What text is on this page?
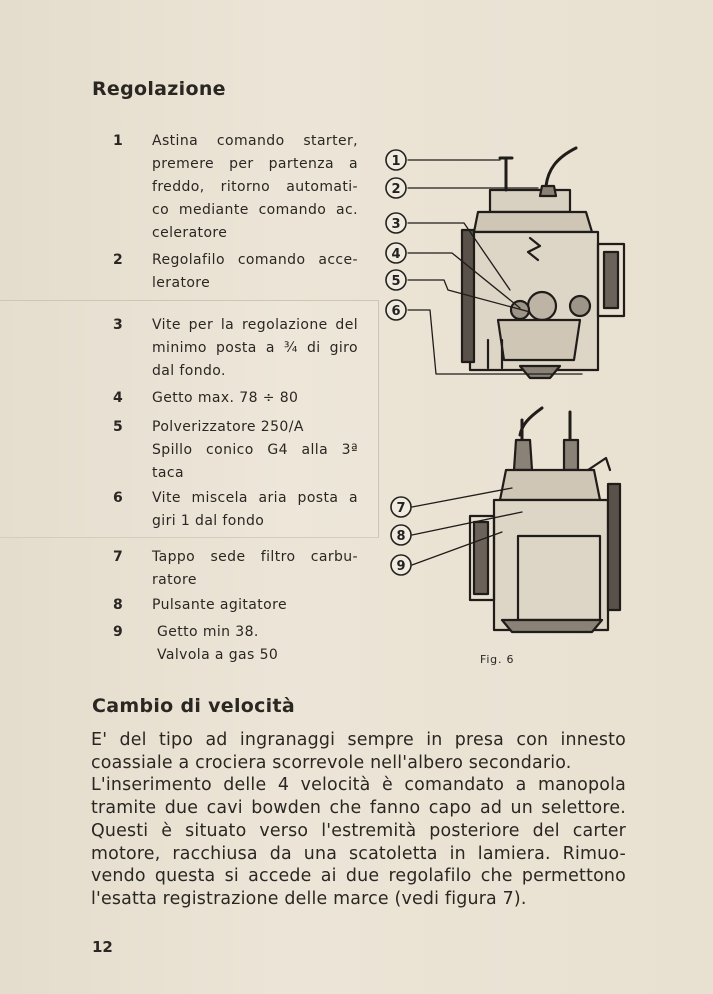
Regolazione
1	Astina comando starter,
premere per partenza a
freddo, ritorno automati-
co mediante comando ac.
celeratore
2	Regolafilo comando acce-
leratore
3	Vite per la regolazione del
minimo posta a ¾ di giro
dal fondo.
4	Getto max. 78 ÷ 80
5	Polverizzatore 250/A
Spillo conico G4 alla 3ª
taca
6	Vite miscela aria posta a
giri 1 dal fondo
7	Tappo sede filtro carbu-
ratore
8	Pulsante agitatore
9	Getto min 38.
Valvola a gas 50
1
2
3
4
5
6
7
8
9
Fig. 6
Cambio di velocità
E' del tipo ad ingranaggi sempre in presa con innesto
coassiale a crociera scorrevole nell'albero secondario.
L'inserimento delle 4 velocità è comandato a manopola
tramite due cavi bowden che fanno capo ad un selettore.
Questi è situato verso l'estremità posteriore del carter
motore, racchiusa da una scatoletta in lamiera. Rimuo-
vendo questa si accede ai due regolafilo che permettono
l'esatta registrazione delle marce (vedi figura 7).
12
